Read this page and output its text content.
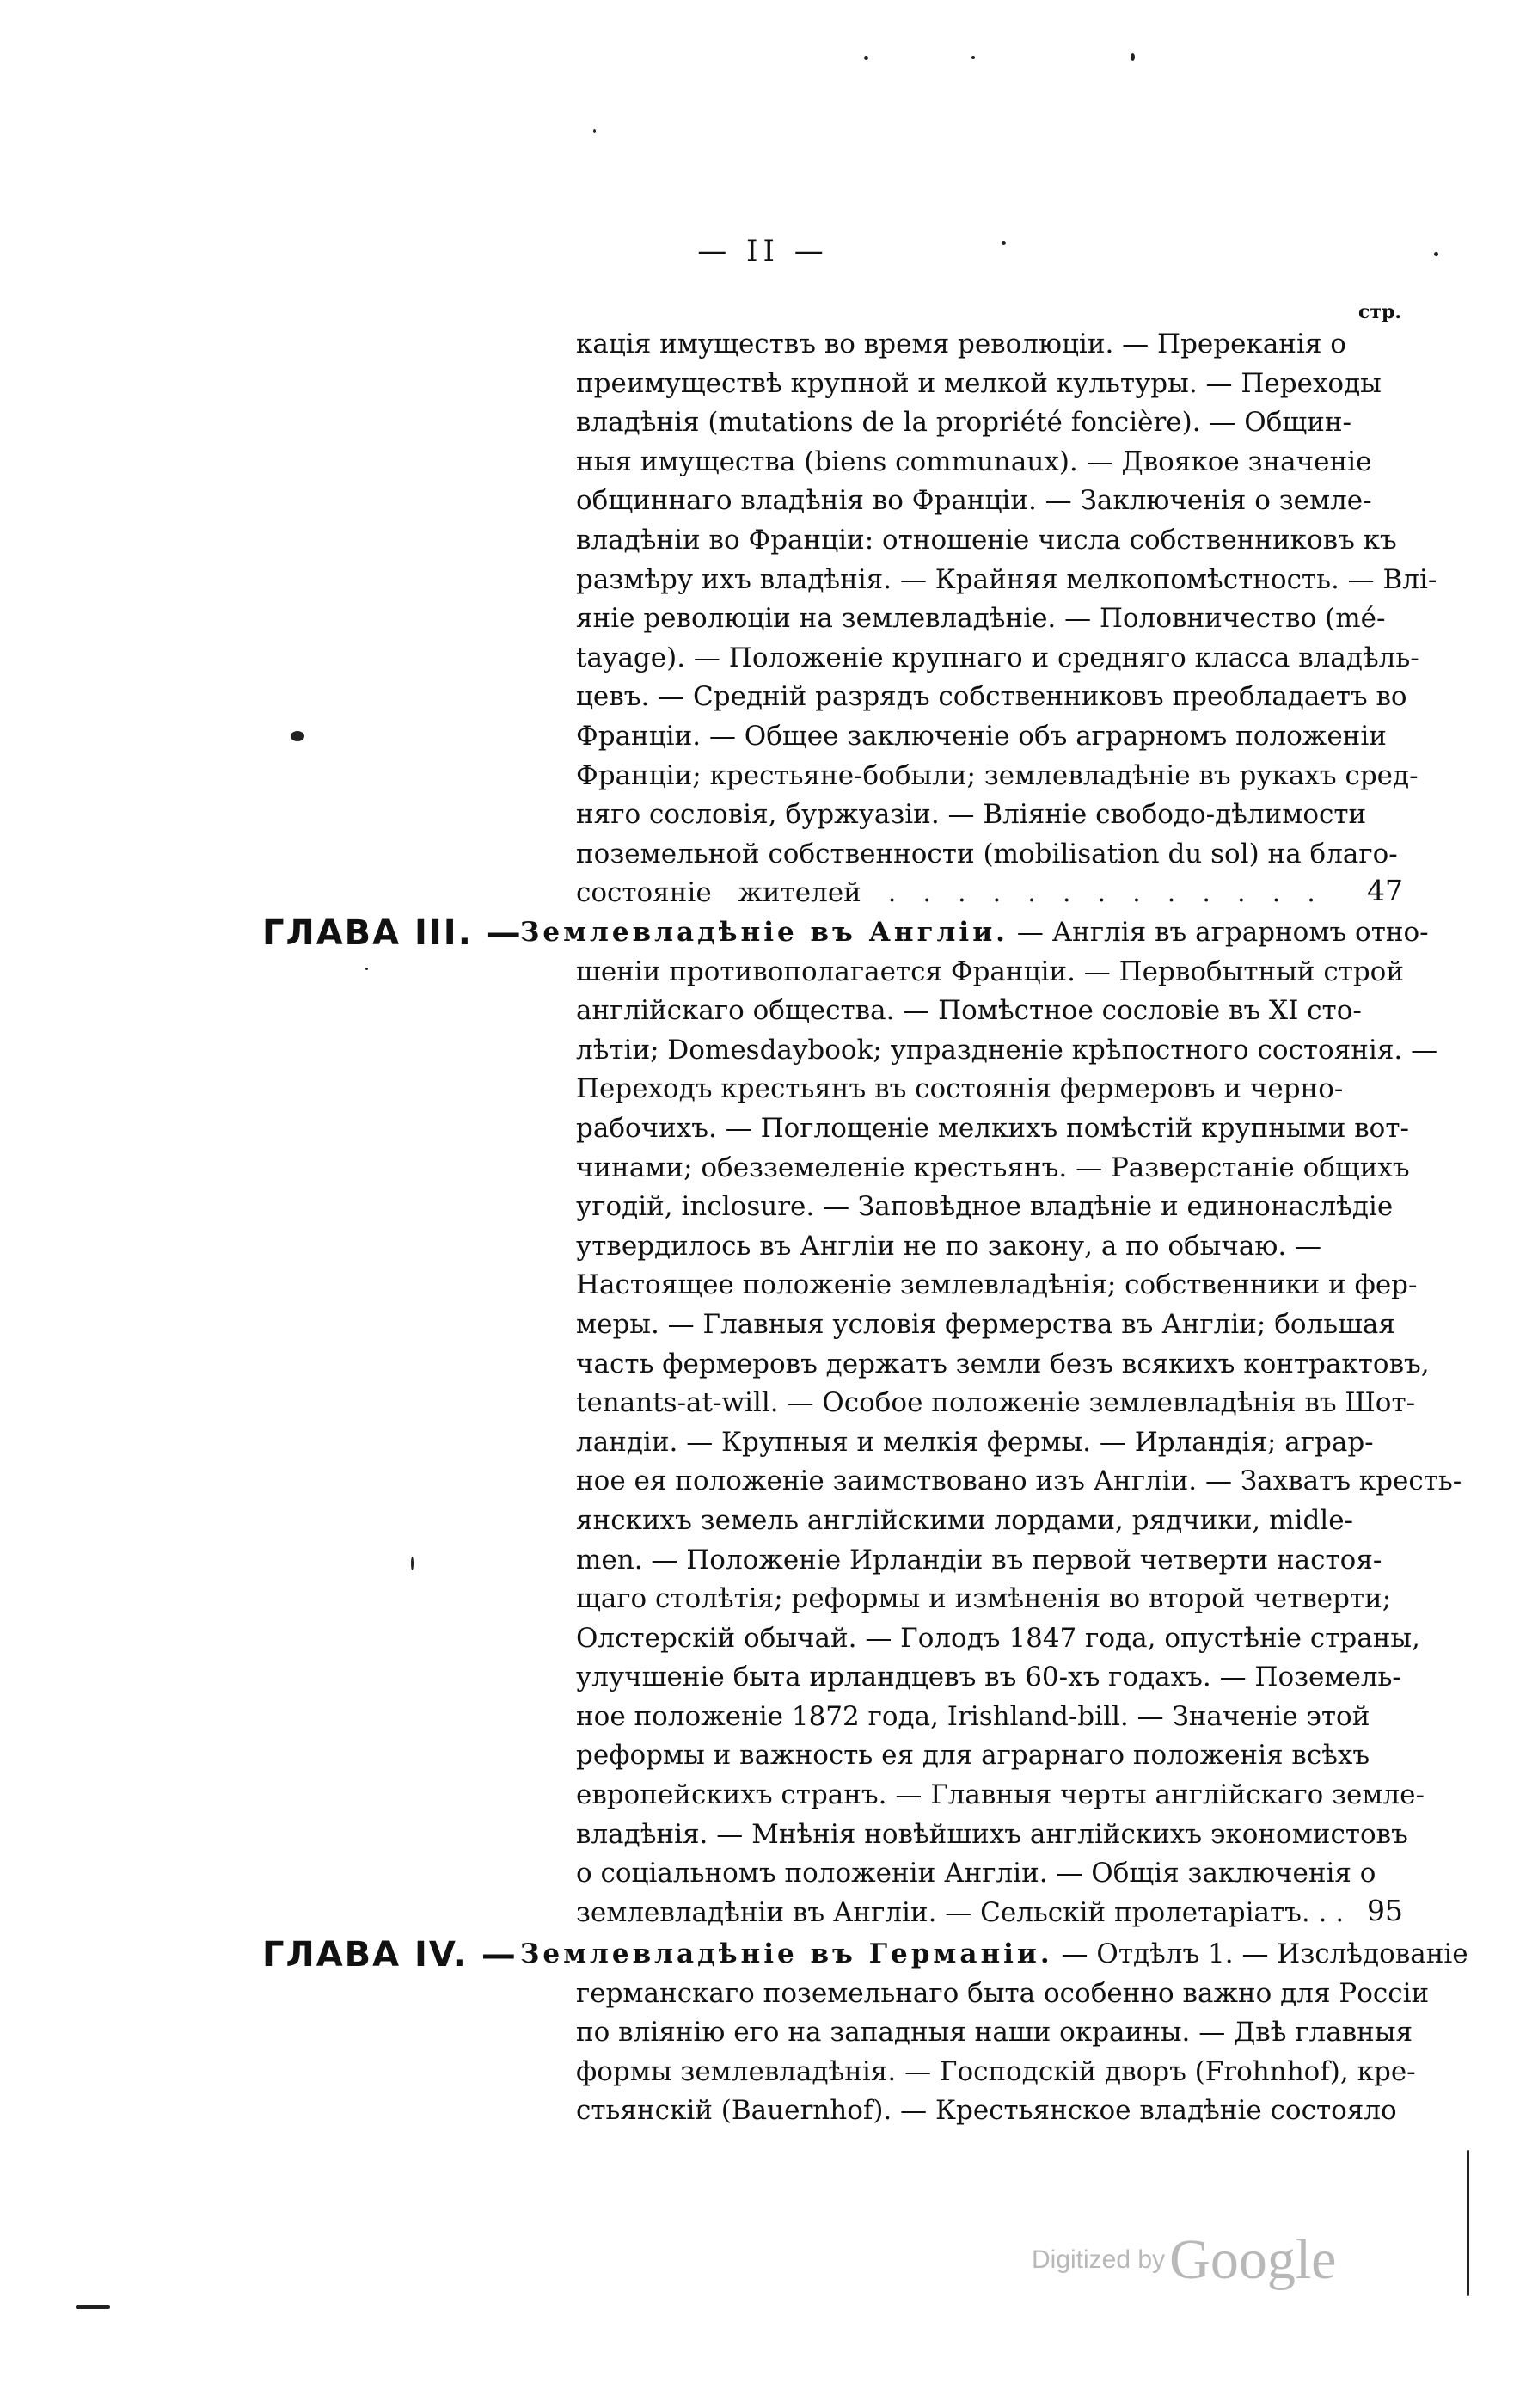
— II —
стр.
кація имуществъ во время революціи. — Пререканія о
преимуществѣ крупной и мелкой культуры. — Переходы
владѣнія (mutations de la propriété foncière). — Общин-
ныя имущества (biens communaux). — Двоякое значеніе
общиннаго владѣнія во Франціи. — Заключенія о земле-
владѣніи во Франціи: отношеніе числа собственниковъ къ
размѣру ихъ владѣнія. — Крайняя мелкопомѣстность. — Влі-
яніе революціи на землевладѣніе. — Половничество (mé-
tayage). — Положеніе крупнаго и средняго класса владѣль-
цевъ. — Средній разрядъ собственниковъ преобладаетъ во
Франціи. — Общее заключеніе объ аграрномъ положеніи
Франціи; крестьяне-бобыли; землевладѣніе въ рукахъ сред-
няго сословія, буржуазіи. — Вліяніе свободо-дѣлимости
поземельной собственности (mobilisation du sol) на благо-
состояніе жителей . . . . . . . . . . . . . 47
ГЛАВА III. —
Землевладѣніе въ Англіи. — Англія въ аграрномъ отно-
шеніи противополагается Франціи. — Первобытный строй
англійскаго общества. — Помѣстное сословіе въ XI сто-
лѣтіи; Domesdaybook; упраздненіе крѣпостного состоянія. —
Переходъ крестьянъ въ состоянія фермеровъ и черно-
рабочихъ. — Поглощеніе мелкихъ помѣстій крупными вот-
чинами; обезземеленіе крестьянъ. — Разверстаніе общихъ
угодій, inclosure. — Заповѣдное владѣніе и единонаслѣдіе
утвердилось въ Англіи не по закону, а по обычаю. —
Настоящее положеніе землевладѣнія; собственники и фер-
меры. — Главныя условія фермерства въ Англіи; большая
часть фермеровъ держатъ земли безъ всякихъ контрактовъ,
tenants-at-will. — Особое положеніе землевладѣнія въ Шот-
ландіи. — Крупныя и мелкія фермы. — Ирландія; аграр-
ное ея положеніе заимствовано изъ Англіи. — Захватъ кресть-
янскихъ земель англійскими лордами, рядчики, midle-
men. — Положеніе Ирландіи въ первой четверти настоя-
щаго столѣтія; реформы и измѣненія во второй четверти;
Олстерскій обычай. — Голодъ 1847 года, опустѣніе страны,
улучшеніе быта ирландцевъ въ 60-хъ годахъ. — Поземель-
ное положеніе 1872 года, Irishland-bill. — Значеніе этой
реформы и важность ея для аграрнаго положенія всѣхъ
европейскихъ странъ. — Главныя черты англійскаго земле-
владѣнія. — Мнѣнія новѣйшихъ англійскихъ экономистовъ
о соціальномъ положеніи Англіи. — Общія заключенія о
землевладѣніи въ Англіи. — Сельскій пролетаріатъ. . . 95
ГЛАВА IV. — Землевладѣніе въ Германіи. — Отдѣлъ 1. — Изслѣдованіе
германскаго поземельнаго быта особенно важно для Россіи
по вліянію его на западныя наши окраины. — Двѣ главныя
формы землевладѣнія. — Господскій дворъ (Frohnhof), кре-
стьянскій (Bauernhof). — Крестьянское владѣніе состояло
Digitized by Google
